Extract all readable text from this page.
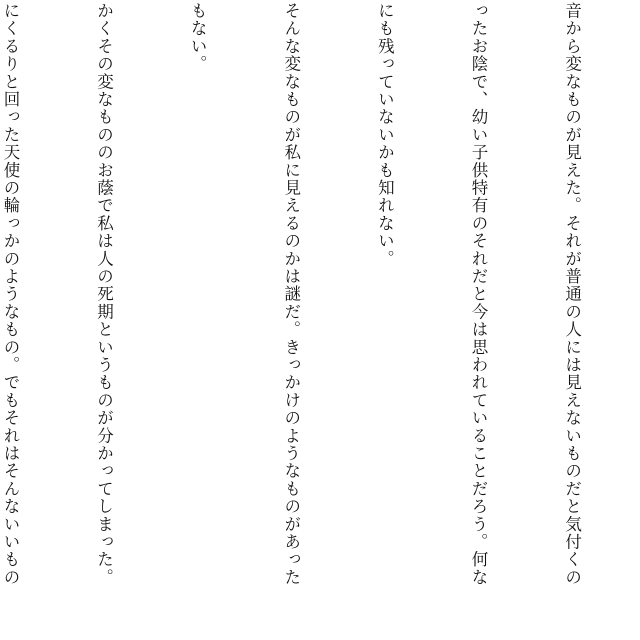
音から変なものが見えた。それが普通の人には見えないものだと気付くの

ったお陰で、幼い子供特有のそれだと今は思われていることだろう。何な

にも残っていないかも知れない。

そんな変なものが私に見えるのかは謎だ。きっかけのようなものがあった

もない。

かくその変なもののお蔭で私は人の死期というものが分かってしまった。

にくるりと回った天使の輪っかのようなもの。でもそれはそんないいもの
